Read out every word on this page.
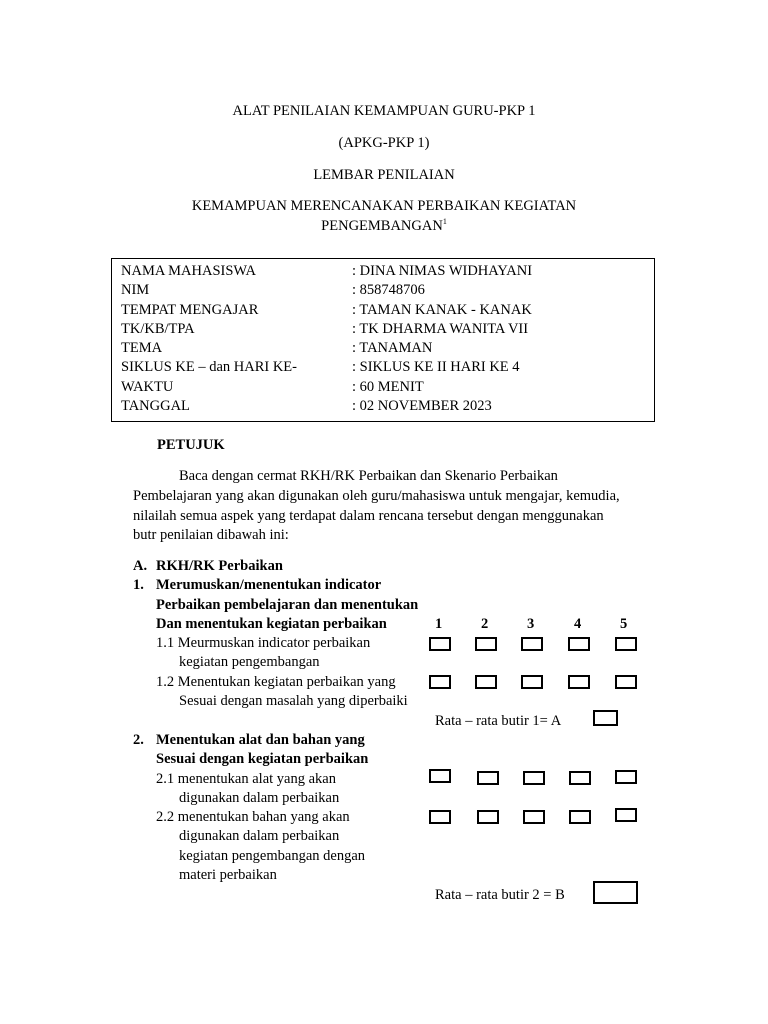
ALAT PENILAIAN KEMAMPUAN GURU-PKP 1
(APKG-PKP 1)
LEMBAR PENILAIAN
KEMAMPUAN MERENCANAKAN PERBAIKAN KEGIATAN
PENGEMBANGAN$^1$
NAMA MAHASISWA	: DINA NIMAS WIDHAYANI
NIM	: 858748706
TEMPAT MENGAJAR	: TAMAN KANAK - KANAK
TK/KB/TPA	: TK DHARMA WANITA VII
TEMA	: TANAMAN
SIKLUS KE – dan HARI KE-	: SIKLUS KE II HARI KE 4
WAKTU	: 60 MENIT
TANGGAL	: 02 NOVEMBER 2023
PETUJUK
Baca dengan cermat RKH/RK Perbaikan dan Skenario Perbaikan
Pembelajaran yang akan digunakan oleh guru/mahasiswa untuk mengajar, kemudia,
nilailah semua aspek yang terdapat dalam rencana tersebut dengan menggunakan
butr penilaian dibawah ini:
A. RKH/RK Perbaikan
1. Merumuskan/menentukan indicator
Perbaikan pembelajaran dan menentukan
Dan menentukan kegiatan perbaikan	1	2	3	4	5
1.1 Meurmuskan indicator perbaikan
kegiatan pengembangan
1.2 Menentukan kegiatan perbaikan yang
Sesuai dengan masalah yang diperbaiki
Rata – rata butir 1= A
2. Menentukan alat dan bahan yang
Sesuai dengan kegiatan perbaikan
2.1 menentukan alat yang akan
digunakan dalam perbaikan
2.2 menentukan bahan yang akan
digunakan dalam perbaikan
kegiatan pengembangan dengan
materi perbaikan
Rata – rata butir 2 = B
